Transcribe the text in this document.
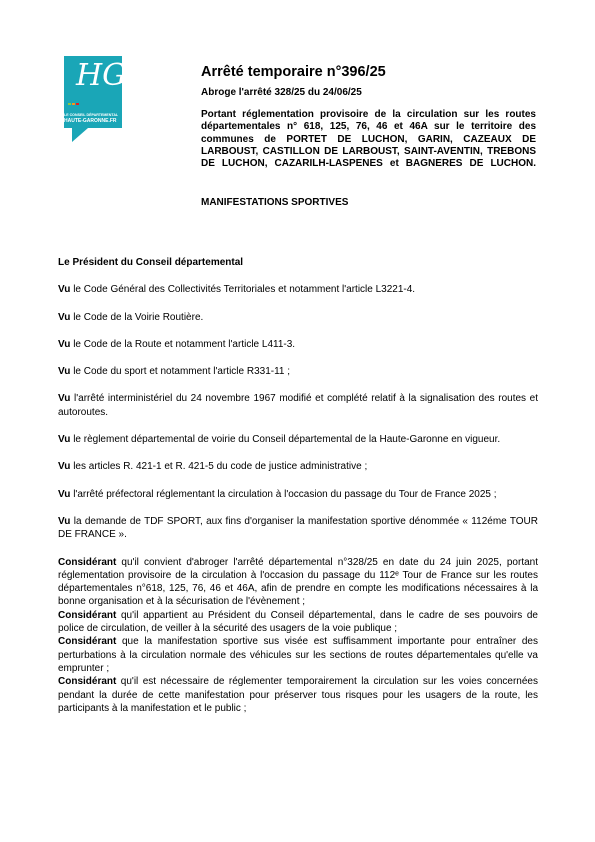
HG
LE CONSEIL DÉPARTEMENTAL
HAUTE-GARONNE.FR

Arrêté temporaire n°396/25

Abroge l'arrêté 328/25 du 24/06/25

Portant réglementation provisoire de la circulation sur les routes départementales n° 618, 125, 76, 46 et 46A sur le territoire des communes de PORTET DE LUCHON, GARIN, CAZEAUX DE LARBOUST, CASTILLON DE LARBOUST, SAINT-AVENTIN, TREBONS DE LUCHON, CAZARILH-LASPENES et BAGNERES DE LUCHON.

MANIFESTATIONS SPORTIVES

Le Président du Conseil départemental

Vu le Code Général des Collectivités Territoriales et notamment l'article L3221-4.

Vu le Code de la Voirie Routière.

Vu le Code de la Route et notamment l'article L411-3.

Vu le Code du sport et notamment l'article R331-11 ;

Vu l'arrêté interministériel du 24 novembre 1967 modifié et complété relatif à la signalisation des routes et autoroutes.

Vu le règlement départemental de voirie du Conseil départemental de la Haute-Garonne en vigueur.

Vu les articles R. 421-1 et R. 421-5 du code de justice administrative ;

Vu l'arrêté préfectoral réglementant la circulation à l'occasion du passage du Tour de France 2025 ;

Vu la demande de TDF SPORT, aux fins d'organiser la manifestation sportive dénommée « 112éme TOUR DE FRANCE ».

Considérant qu'il convient d'abroger l'arrêté départemental n°328/25 en date du 24 juin 2025, portant réglementation provisoire de la circulation à l'occasion du passage du 112ᵉ Tour de France sur les routes départementales n°618, 125, 76, 46 et 46A, afin de prendre en compte les modifications nécessaires à la bonne organisation et à la sécurisation de l'évènement ;

Considérant qu'il appartient au Président du Conseil départemental, dans le cadre de ses pouvoirs de police de circulation, de veiller à la sécurité des usagers de la voie publique ;

Considérant que la manifestation sportive sus visée est suffisamment importante pour entraîner des perturbations à la circulation normale des véhicules sur les sections de routes départementales qu'elle va emprunter ;

Considérant qu'il est nécessaire de réglementer temporairement la circulation sur les voies concernées pendant la durée de cette manifestation pour préserver tous risques pour les usagers de la route, les participants à la manifestation et le public ;
